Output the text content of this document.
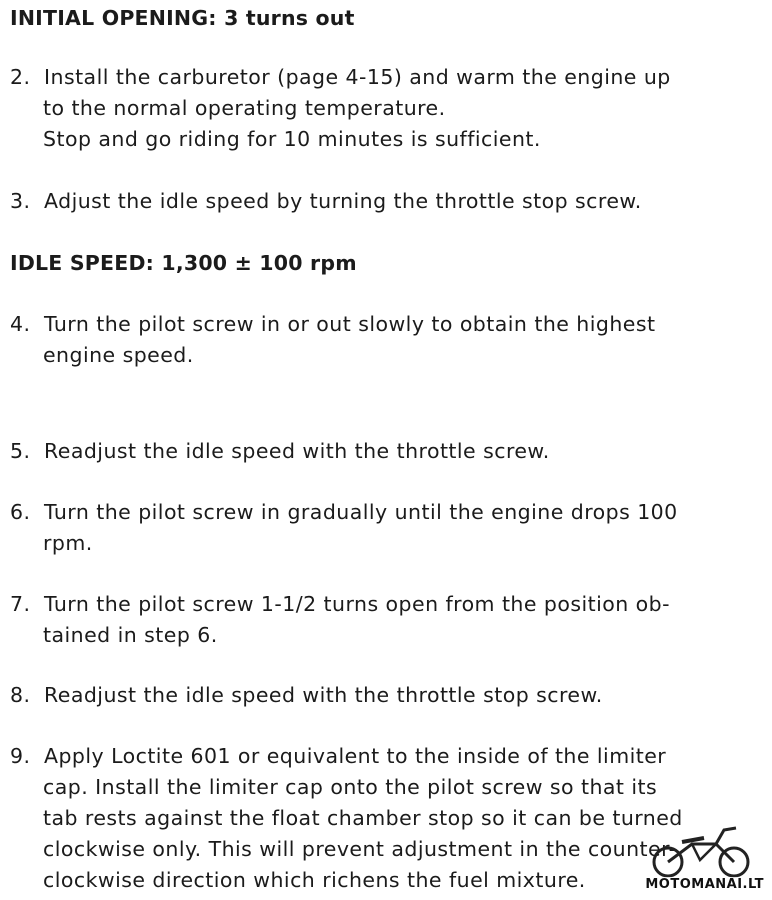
INITIAL OPENING: 3 turns out
2. Install the carburetor (page 4-15) and warm the engine up
to the normal operating temperature.
Stop and go riding for 10 minutes is sufficient.
3. Adjust the idle speed by turning the throttle stop screw.
IDLE SPEED: 1,300 ± 100 rpm
4. Turn the pilot screw in or out slowly to obtain the highest
engine speed.
5. Readjust the idle speed with the throttle screw.
6. Turn the pilot screw in gradually until the engine drops 100
rpm.
7. Turn the pilot screw 1-1/2 turns open from the position ob-
tained in step 6.
8. Readjust the idle speed with the throttle stop screw.
9. Apply Loctite 601 or equivalent to the inside of the limiter
cap. Install the limiter cap onto the pilot screw so that its
tab rests against the float chamber stop so it can be turned
clockwise only. This will prevent adjustment in the counter-
clockwise direction which richens the fuel mixture.	MOTOMANAI.LT
